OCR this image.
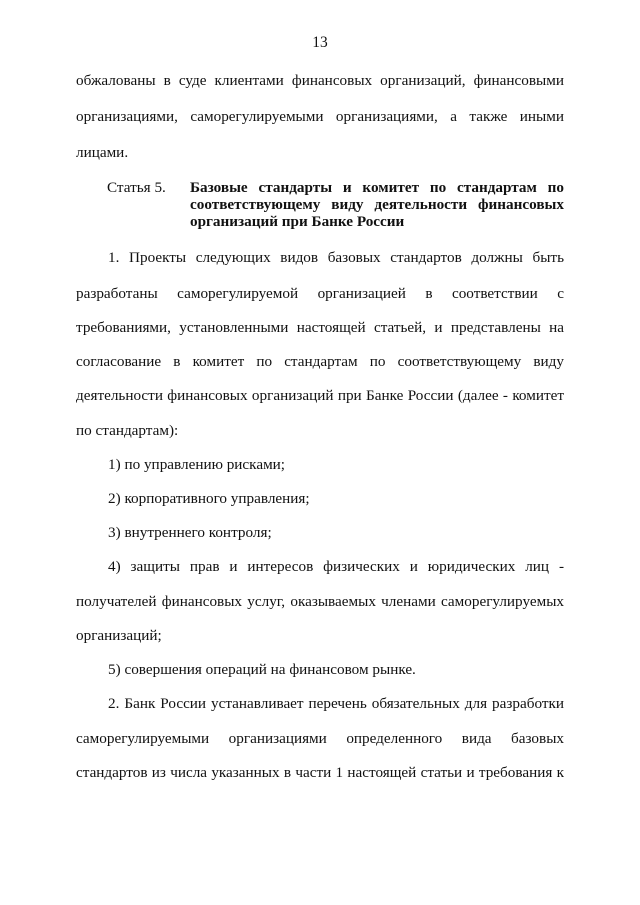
13
обжалованы в суде клиентами финансовых организаций, финансовыми
организациями, саморегулируемыми организациями, а также иными
лицами.
Статья 5. Базовые стандарты и комитет по стандартам по
соответствующему виду деятельности финансовых
организаций при Банке России
1. Проекты следующих видов базовых стандартов должны быть
разработаны саморегулируемой организацией в соответствии с
требованиями, установленными настоящей статьей, и представлены на
согласование в комитет по стандартам по соответствующему виду
деятельности финансовых организаций при Банке России (далее - комитет
по стандартам):
1) по управлению рисками;
2) корпоративного управления;
3) внутреннего контроля;
4) защиты прав и интересов физических и юридических лиц -
получателей финансовых услуг, оказываемых членами саморегулируемых
организаций;
5) совершения операций на финансовом рынке.
2. Банк России устанавливает перечень обязательных для разработки
саморегулируемыми организациями определенного вида базовых
стандартов из числа указанных в части 1 настоящей статьи и требования к
